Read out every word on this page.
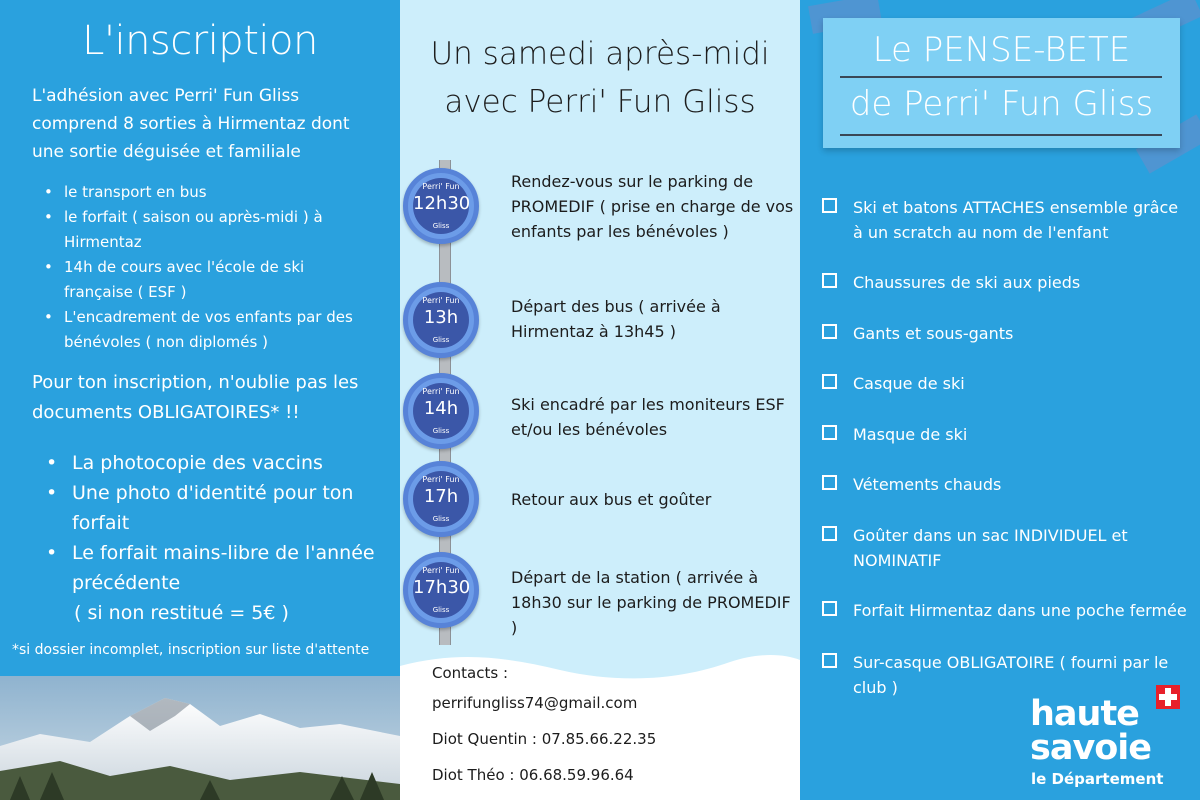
L'inscription
L'adhésion avec Perri' Fun Gliss comprend 8 sorties à Hirmentaz dont une sortie déguisée et familiale
• le transport en bus
• le forfait ( saison ou après-midi ) à Hirmentaz
• 14h de cours avec l'école de ski française ( ESF )
• L'encadrement de vos enfants par des bénévoles ( non diplomés )
Pour ton inscription, n'oublie pas les documents OBLIGATOIRES* !!
• La photocopie des vaccins
• Une photo d'identité pour ton forfait
• Le forfait mains-libre de l'année précédente
( si non restitué = 5€ )
*si dossier incomplet, inscription sur liste d'attente
Un samedi après-midi
avec Perri' Fun Gliss
Perri' Fun
12h30
Gliss
Perri' Fun
13h
Gliss
Perri' Fun
14h
Gliss
Perri' Fun
17h
Gliss
Perri' Fun
17h30
Gliss
Rendez-vous sur le parking de PROMEDIF ( prise en charge de vos enfants par les bénévoles )
Départ des bus ( arrivée à Hirmentaz à 13h45 )
Ski encadré par les moniteurs ESF et/ou les bénévoles
Retour aux bus et goûter
Départ de la station ( arrivée à 18h30 sur le parking de PROMEDIF )
Contacts :
perrifungliss74@gmail.com
Diot Quentin : 07.85.66.22.35
Diot Théo : 06.68.59.96.64
Le PENSE-BETE
de Perri' Fun Gliss
Ski et batons ATTACHES ensemble grâce à un scratch au nom de l'enfant
Chaussures de ski aux pieds
Gants et sous-gants
Casque de ski
Masque de ski
Vétements chauds
Goûter dans un sac INDIVIDUEL et NOMINATIF
Forfait Hirmentaz dans une poche fermée
Sur-casque OBLIGATOIRE ( fourni par le club )
haute
savoie
le Département
